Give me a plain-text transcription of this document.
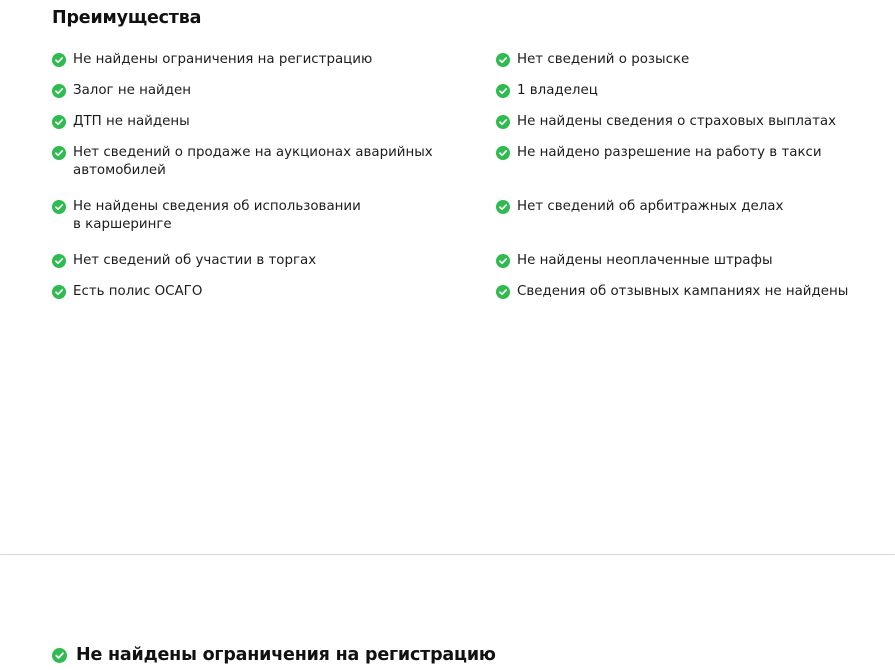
Преимущества
Не найдены ограничения на регистрацию
Залог не найден
ДТП не найдены
Нет сведений о продаже на аукционах аварийных
автомобилей
Не найдены сведения об использовании
в каршеринге
Нет сведений об участии в торгах
Есть полис ОСАГО
Нет сведений о розыске
1 владелец
Не найдены сведения о страховых выплатах
Не найдено разрешение на работу в такси
Нет сведений об арбитражных делах
Не найдены неоплаченные штрафы
Сведения об отзывных кампаниях не найдены
Не найдены ограничения на регистрацию
